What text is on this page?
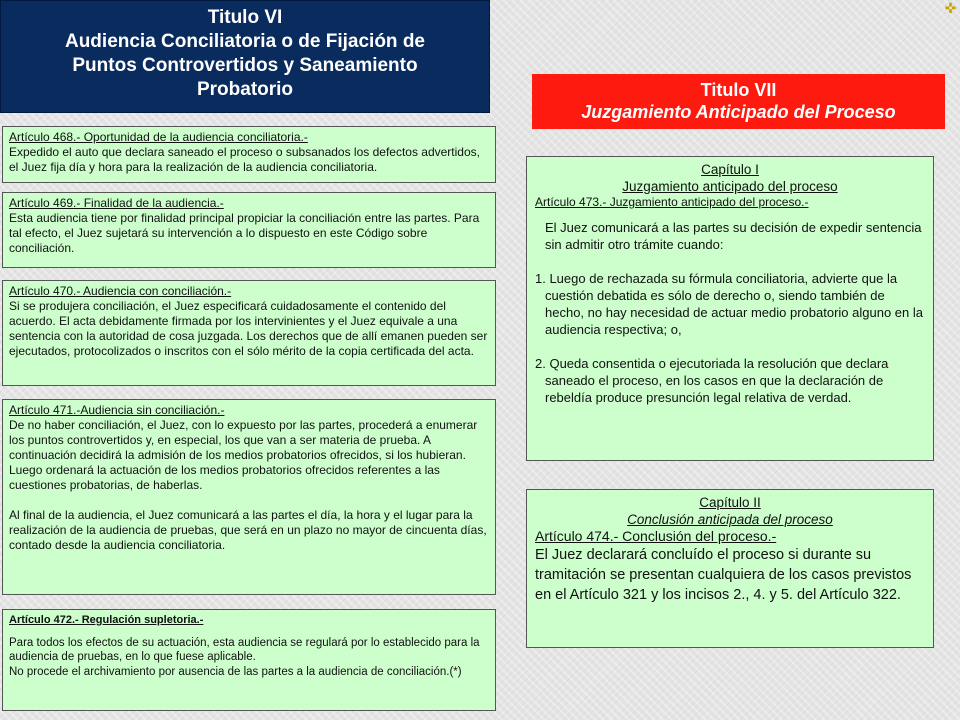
✜
Titulo VI
Audiencia Conciliatoria o de Fijación de
Puntos Controvertidos y Saneamiento
Probatorio	Titulo VII
Juzgamiento Anticipado del Proceso
Artículo 468.- Oportunidad de la audiencia conciliatoria.-

Expedido el auto que declara saneado el proceso o subsanados los defectos advertidos, el Juez fija día y hora para la realización de la audiencia conciliatoria.

Artículo 469.- Finalidad de la audiencia.-

Esta audiencia tiene por finalidad principal propiciar la conciliación entre las partes. Para tal efecto, el Juez sujetará su intervención a lo dispuesto en este Código sobre conciliación.

Artículo 470.- Audiencia con conciliación.-

Si se produjera conciliación, el Juez especificará cuidadosamente el contenido del acuerdo. El acta debidamente firmada por los intervinientes y el Juez equivale a una sentencia con la autoridad de cosa juzgada. Los derechos que de allí emanen pueden ser ejecutados, protocolizados o inscritos con el sólo mérito de la copia certificada del acta.

Artículo 471.-Audiencia sin conciliación.-

De no haber conciliación, el Juez, con lo expuesto por las partes, procederá a enumerar los puntos controvertidos y, en especial, los que van a ser materia de prueba. A continuación decidirá la admisión de los medios probatorios ofrecidos, si los hubieran. Luego ordenará la actuación de los medios probatorios ofrecidos referentes a las cuestiones probatorias, de haberlas.

Al final de la audiencia, el Juez comunicará a las partes el día, la hora y el lugar para la realización de la audiencia de pruebas, que será en un plazo no mayor de cincuenta días, contado desde la audiencia conciliatoria.

Artículo 472.- Regulación supletoria.-

Para todos los efectos de su actuación, esta audiencia se regulará por lo establecido para la audiencia de pruebas, en lo que fuese aplicable.

No procede el archivamiento por ausencia de las partes a la audiencia de conciliación.(*)

Capítulo I
Juzgamiento anticipado del proceso
Artículo 473.- Juzgamiento anticipado del proceso.-

El Juez comunicará a las partes su decisión de expedir sentencia sin admitir otro trámite cuando:

1. Luego de rechazada su fórmula conciliatoria, advierte que la cuestión debatida es sólo de derecho o, siendo también de hecho, no hay necesidad de actuar medio probatorio alguno en la audiencia respectiva; o,

2. Queda consentida o ejecutoriada la resolución que declara saneado el proceso, en los casos en que la declaración de rebeldía produce presunción legal relativa de verdad.

Capítulo II
Conclusión anticipada del proceso
Artículo 474.- Conclusión del proceso.-

El Juez declarará concluído el proceso si durante su tramitación se presentan cualquiera de los casos previstos en el Artículo 321 y los incisos 2., 4. y 5. del Artículo 322.
